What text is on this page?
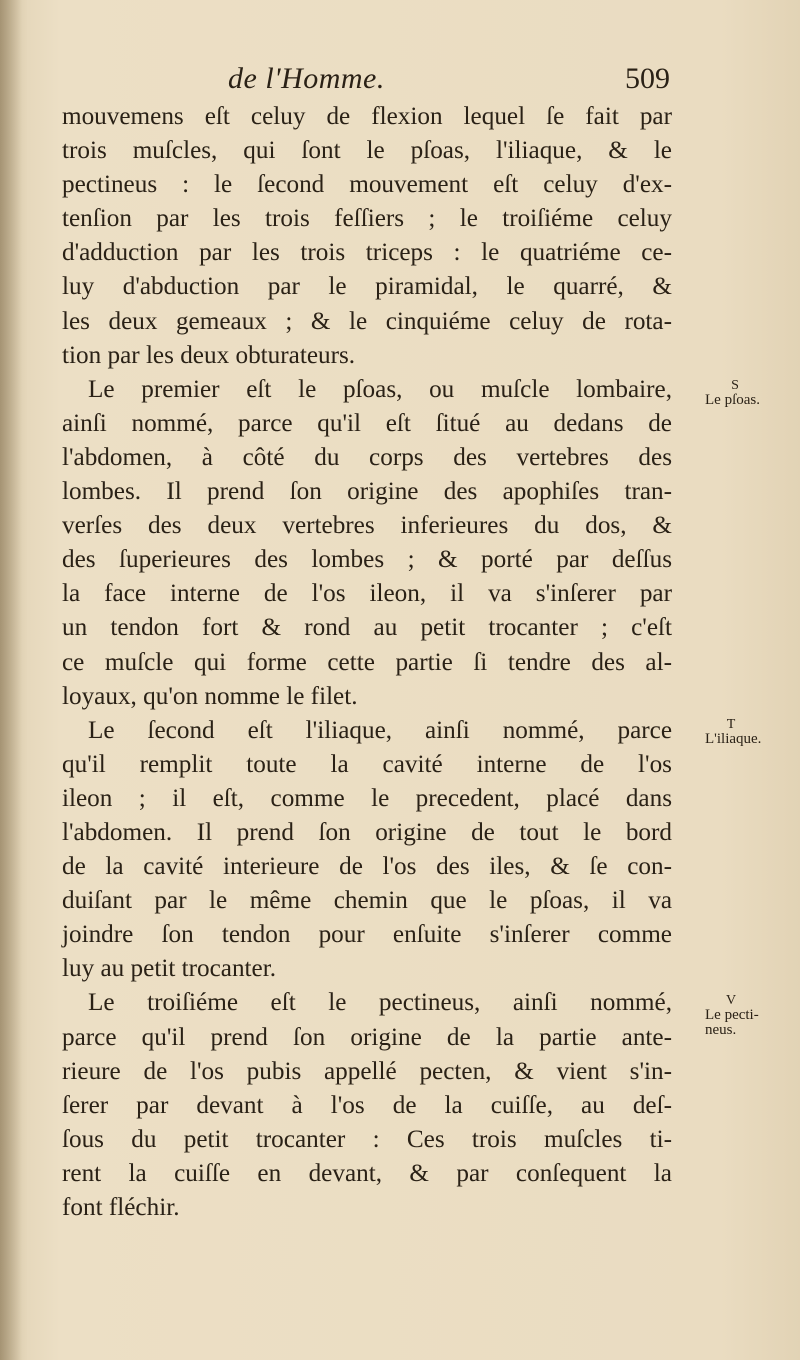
de l'Homme.	509
mouvemens eſt celuy de flexion lequel ſe fait par
trois muſcles, qui ſont le pſoas, l'iliaque, & le
pectineus : le ſecond mouvement eſt celuy d'ex-
tenſion par les trois feſſiers ; le troiſiéme celuy
d'adduction par les trois triceps : le quatriéme ce-
luy d'abduction par le piramidal, le quarré, &
les deux gemeaux ; & le cinquiéme celuy de rota-
tion par les deux obturateurs.
Le premier eſt le pſoas, ou muſcle lombaire,
ainſi nommé, parce qu'il eſt ſitué au dedans de
l'abdomen, à côté du corps des vertebres des
lombes. Il prend ſon origine des apophiſes tran-
verſes des deux vertebres inferieures du dos, &
des ſuperieures des lombes ; & porté par deſſus
la face interne de l'os ileon, il va s'inſerer par
un tendon fort & rond au petit trocanter ; c'eſt
ce muſcle qui forme cette partie ſi tendre des al-
loyaux, qu'on nomme le filet.
Le ſecond eſt l'iliaque, ainſi nommé, parce
qu'il remplit toute la cavité interne de l'os
ileon ; il eſt, comme le precedent, placé dans
l'abdomen. Il prend ſon origine de tout le bord
de la cavité interieure de l'os des iles, & ſe con-
duiſant par le même chemin que le pſoas, il va
joindre ſon tendon pour enſuite s'inſerer comme
luy au petit trocanter.
Le troiſiéme eſt le pectineus, ainſi nommé,
parce qu'il prend ſon origine de la partie ante-
rieure de l'os pubis appellé pecten, & vient s'in-
ſerer par devant à l'os de la cuiſſe, au deſ-
ſous du petit trocanter : Ces trois muſcles ti-
rent la cuiſſe en devant, & par conſequent la
font fléchir.
S
Le pſoas.
T
L'iliaque.
V
Le pecti-
neus.
